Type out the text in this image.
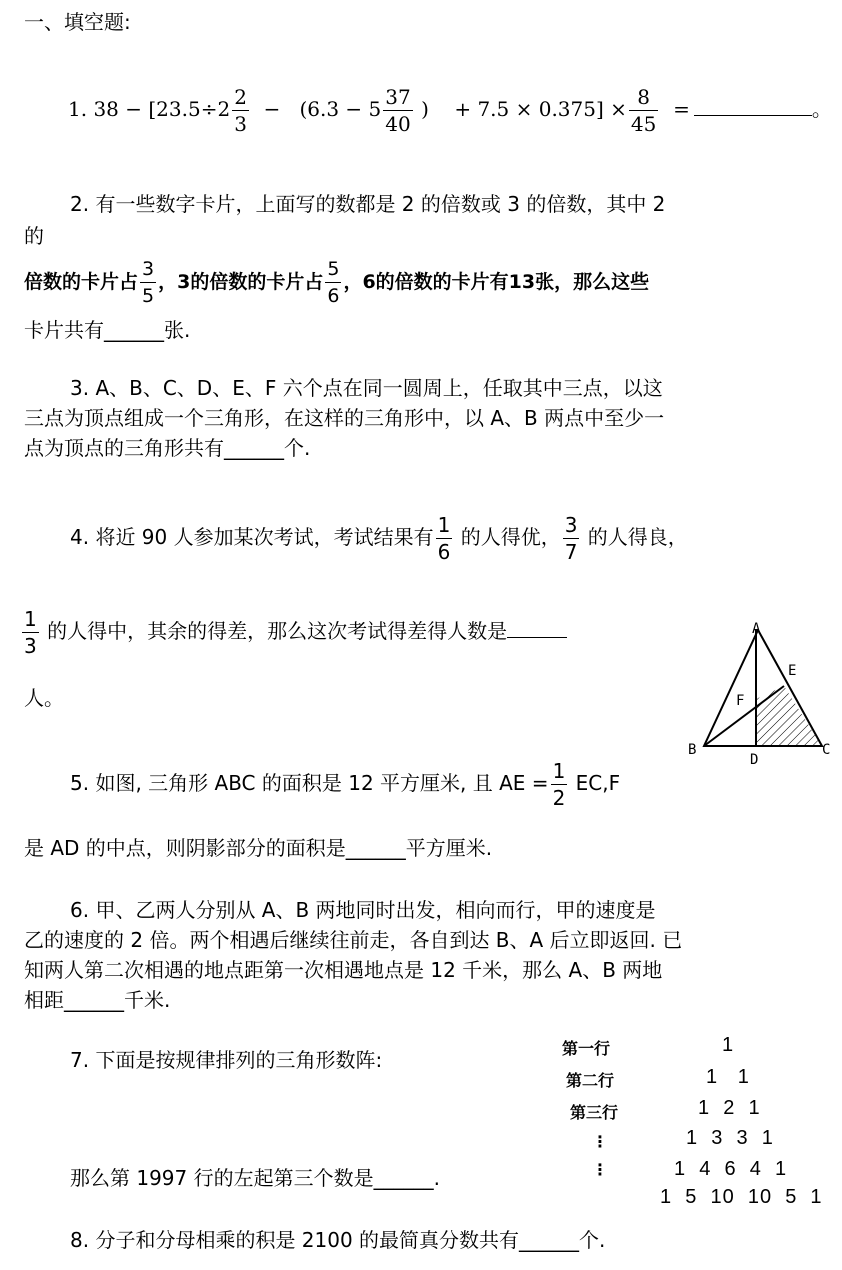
一、填空题:
1. $38 - [23.5\div 2 \frac{2}{3} - (6.3 - 5 \frac{37}{40}$ )    + $7.5 \times 0.375] \times \frac{8}{45}$ =	。
2. 有一些数字卡片，上面写的数都是 2 的倍数或 3 的倍数，其中 2
的
倍数的卡片占 $\frac{3}{5}$ ，3的倍数的卡片占 $\frac{5}{6}$ ，6的倍数的卡片有13张，那么这些
卡片共有______张.
3. A、B、C、D、E、F 六个点在同一圆周上，任取其中三点，以这
三点为顶点组成一个三角形，在这样的三角形中，以 A、B 两点中至少一
点为顶点的三角形共有______个.
4. 将近 90 人参加某次考试，考试结果有 $\frac{1}{6}$ 的人得优， $\frac{3}{7}$ 的人得良，
$\frac{1}{3}$ 的人得中，其余的得差，那么这次考试得差得人数是
人。
A
E
F
B	C
D
5. 如图, 三角形 ABC 的面积是 12 平方厘米, 且 AE = $\frac{1}{2} EC,F$
是 AD 的中点，则阴影部分的面积是______平方厘米.
6. 甲、乙两人分别从 A、B 两地同时出发，相向而行，甲的速度是
乙的速度的 2 倍。两个相遇后继续往前走，各自到达 B、A 后立即返回. 已
知两人第二次相遇的地点距第一次相遇地点是 12 千米，那么 A、B 两地
相距______千米.
7. 下面是按规律排列的三角形数阵:
那么第 1997 行的左起第三个数是______.
第一行
第二行
第三行
⋮
⋮
1
1   1
1  2  1
1  3  3  1
1  4  6  4  1
1  5  10  10  5  1
8. 分子和分母相乘的积是 2100 的最简真分数共有______个.
